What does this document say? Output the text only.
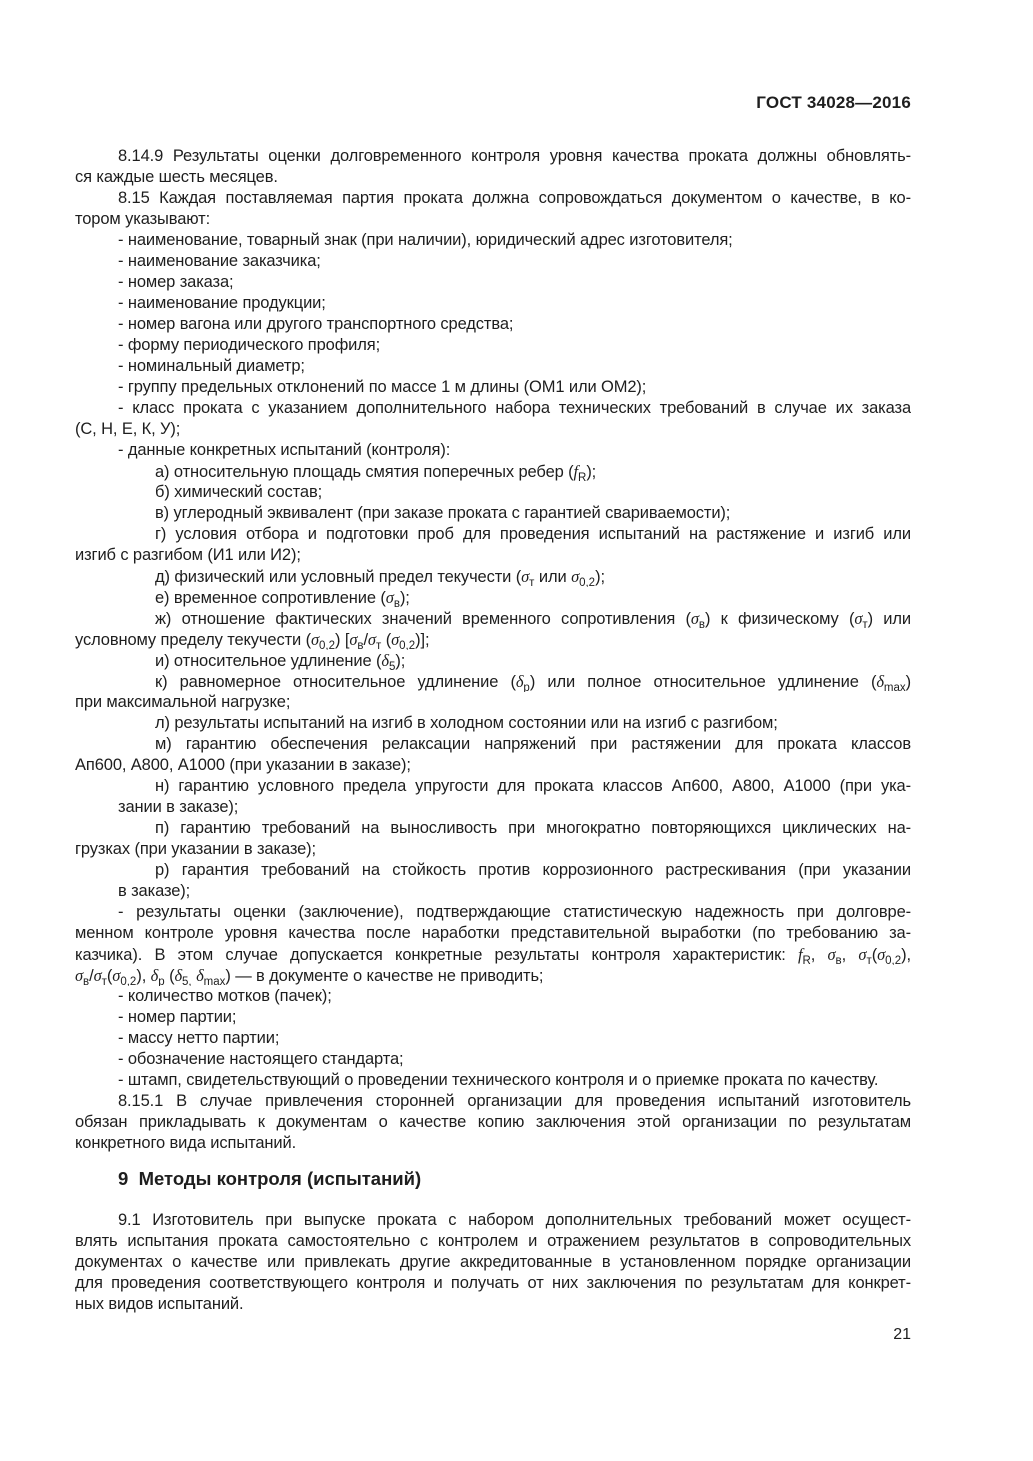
ГОСТ 34028—2016
8.14.9 Результаты оценки долговременного контроля уровня качества проката должны обновлять-
ся каждые шесть месяцев.
8.15 Каждая поставляемая партия проката должна сопровождаться документом о качестве, в ко-
тором указывают:
- наименование, товарный знак (при наличии), юридический адрес изготовителя;
- наименование заказчика;
- номер заказа;
- наименование продукции;
- номер вагона или другого транспортного средства;
- форму периодического профиля;
- номинальный диаметр;
- группу предельных отклонений по массе 1 м длины (ОМ1 или ОМ2);
- класс проката с указанием дополнительного набора технических требований в случае их заказа
(С, Н, Е, К, У);
- данные конкретных испытаний (контроля):
а) относительную площадь смятия поперечных ребер $(f_R)$;
б) химический состав;
в) углеродный эквивалент (при заказе проката с гарантией свариваемости);
г) условия отбора и подготовки проб для проведения испытаний на растяжение и изгиб или
изгиб с разгибом (И1 или И2);
д) физический или условный предел текучести ($\sigma_т$ или $\sigma_{0,2}$);
е) временное сопротивление $(\sigma_в)$;
ж) отношение фактических значений временного сопротивления $(\sigma_в)$ к физическому $(\sigma_т)$ или
условному пределу текучести $(\sigma_{0,2})$ [$\sigma_в/\sigma_т$ $(\sigma_{0,2})$];
и) относительное удлинение $(\delta_5)$;
к) равномерное относительное удлинение $(\delta_р)$ или полное относительное удлинение $(\delta_{max})$
при максимальной нагрузке;
л) результаты испытаний на изгиб в холодном состоянии или на изгиб с разгибом;
м) гарантию обеспечения релаксации напряжений при растяжении для проката классов
Ап600, А800, А1000 (при указании в заказе);
н) гарантию условного предела упругости для проката классов Ап600, А800, А1000 (при ука-
зании в заказе);
п) гарантию требований на выносливость при многократно повторяющихся циклических на-
грузках (при указании в заказе);
р) гарантия требований на стойкость против коррозионного растрескивания (при указании
в заказе);
- результаты оценки (заключение), подтверждающие статистическую надежность при долговре-
менном контроле уровня качества после наработки представительной выработки (по требованию за-
казчика). В этом случае допускается конкретные результаты контроля характеристик: $f_R$, $\sigma_в$, $\sigma_т(\sigma_{0,2})$,
$\sigma_в/\sigma_т(\sigma_{0,2})$, $\delta_р$ ($\delta_{5,}$ $\delta_{max}$) — в документе о качестве не приводить;
- количество мотков (пачек);
- номер партии;
- массу нетто партии;
- обозначение настоящего стандарта;
- штамп, свидетельствующий о проведении технического контроля и о приемке проката по качеству.
8.15.1 В случае привлечения сторонней организации для проведения испытаний изготовитель
обязан прикладывать к документам о качестве копию заключения этой организации по результатам
конкретного вида испытаний.
9  Методы контроля (испытаний)
9.1 Изготовитель при выпуске проката с набором дополнительных требований может осущест-
влять испытания проката самостоятельно с контролем и отражением результатов в сопроводительных
документах о качестве или привлекать другие аккредитованные в установленном порядке организации
для проведения соответствующего контроля и получать от них заключения по результатам для конкрет-
ных видов испытаний.
21
